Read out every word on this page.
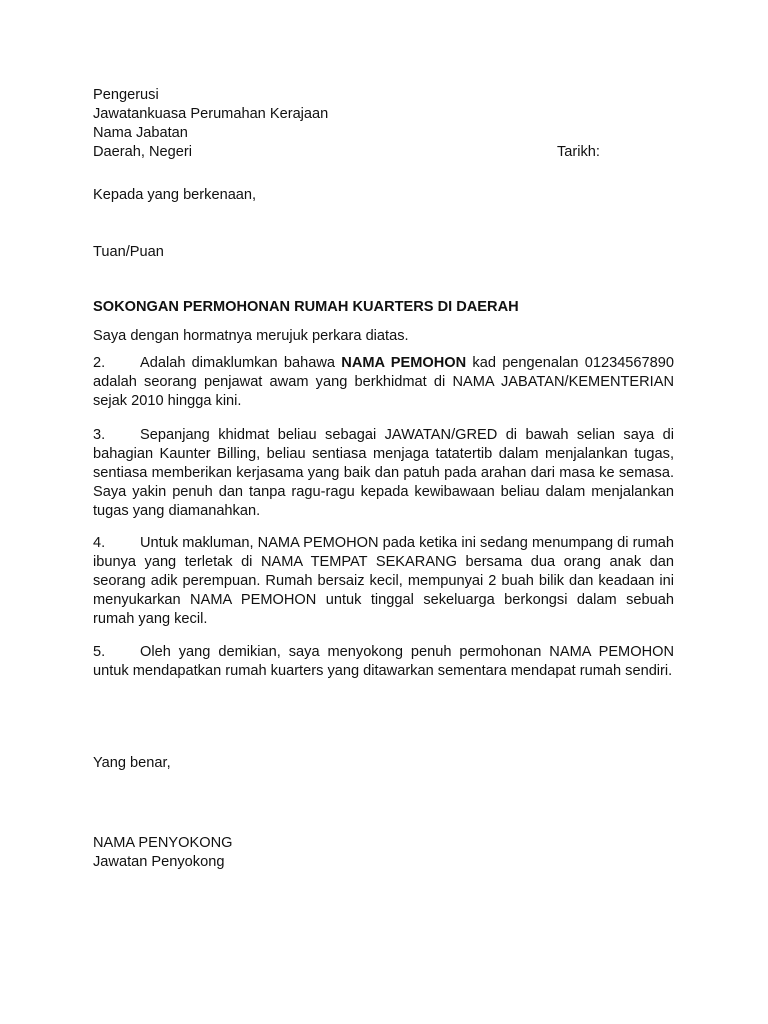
Pengerusi
Jawatankuasa Perumahan Kerajaan
Nama Jabatan
Daerah, Negeri	Tarikh:
Kepada yang berkenaan,
Tuan/Puan
SOKONGAN PERMOHONAN RUMAH KUARTERS DI DAERAH
Saya dengan hormatnya merujuk perkara diatas.
2. Adalah dimaklumkan bahawa NAMA PEMOHON kad pengenalan 01234567890 adalah seorang penjawat awam yang berkhidmat di NAMA JABATAN/KEMENTERIAN sejak 2010 hingga kini.
3. Sepanjang khidmat beliau sebagai JAWATAN/GRED di bawah selian saya di bahagian Kaunter Billing, beliau sentiasa menjaga tatatertib dalam menjalankan tugas, sentiasa memberikan kerjasama yang baik dan patuh pada arahan dari masa ke semasa. Saya yakin penuh dan tanpa ragu-ragu kepada kewibawaan beliau dalam menjalankan tugas yang diamanahkan.
4. Untuk makluman, NAMA PEMOHON pada ketika ini sedang menumpang di rumah ibunya yang terletak di NAMA TEMPAT SEKARANG bersama dua orang anak dan seorang adik perempuan. Rumah bersaiz kecil, mempunyai 2 buah bilik dan keadaan ini menyukarkan NAMA PEMOHON untuk tinggal sekeluarga berkongsi dalam sebuah rumah yang kecil.
5. Oleh yang demikian, saya menyokong penuh permohonan NAMA PEMOHON untuk mendapatkan rumah kuarters yang ditawarkan sementara mendapat rumah sendiri.
Yang benar,
NAMA PENYOKONG
Jawatan Penyokong
